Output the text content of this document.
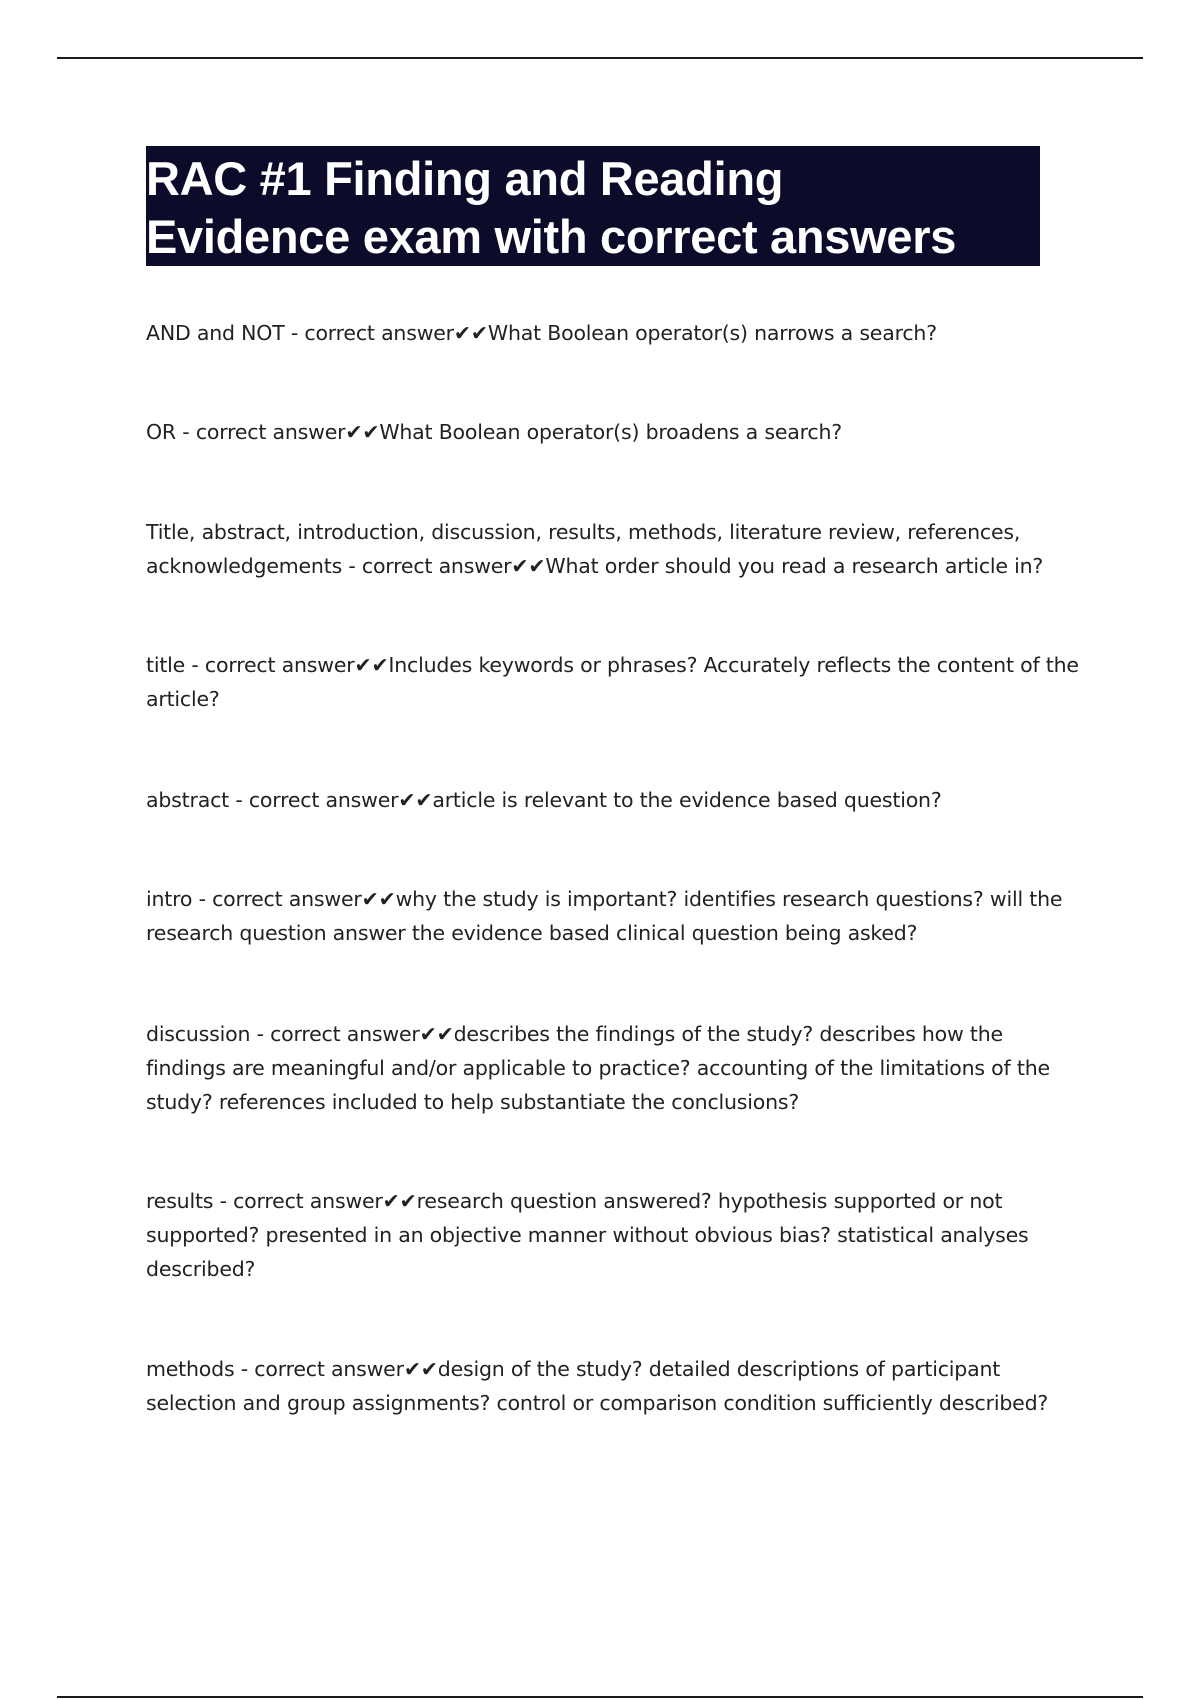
RAC #1 Finding and Reading
Evidence exam with correct answers

AND and NOT - correct answer✔✔What Boolean operator(s) narrows a search?

OR - correct answer✔✔What Boolean operator(s) broadens a search?

Title, abstract, introduction, discussion, results, methods, literature review, references, acknowledgements - correct answer✔✔What order should you read a research article in?

title - correct answer✔✔Includes keywords or phrases? Accurately reflects the content of the article?

abstract - correct answer✔✔article is relevant to the evidence based question?

intro - correct answer✔✔why the study is important? identifies research questions? will the research question answer the evidence based clinical question being asked?

discussion - correct answer✔✔describes the findings of the study? describes how the findings are meaningful and/or applicable to practice? accounting of the limitations of the study? references included to help substantiate the conclusions?

results - correct answer✔✔research question answered? hypothesis supported or not supported? presented in an objective manner without obvious bias? statistical analyses described?

methods - correct answer✔✔design of the study? detailed descriptions of participant selection and group assignments? control or comparison condition sufficiently described?
